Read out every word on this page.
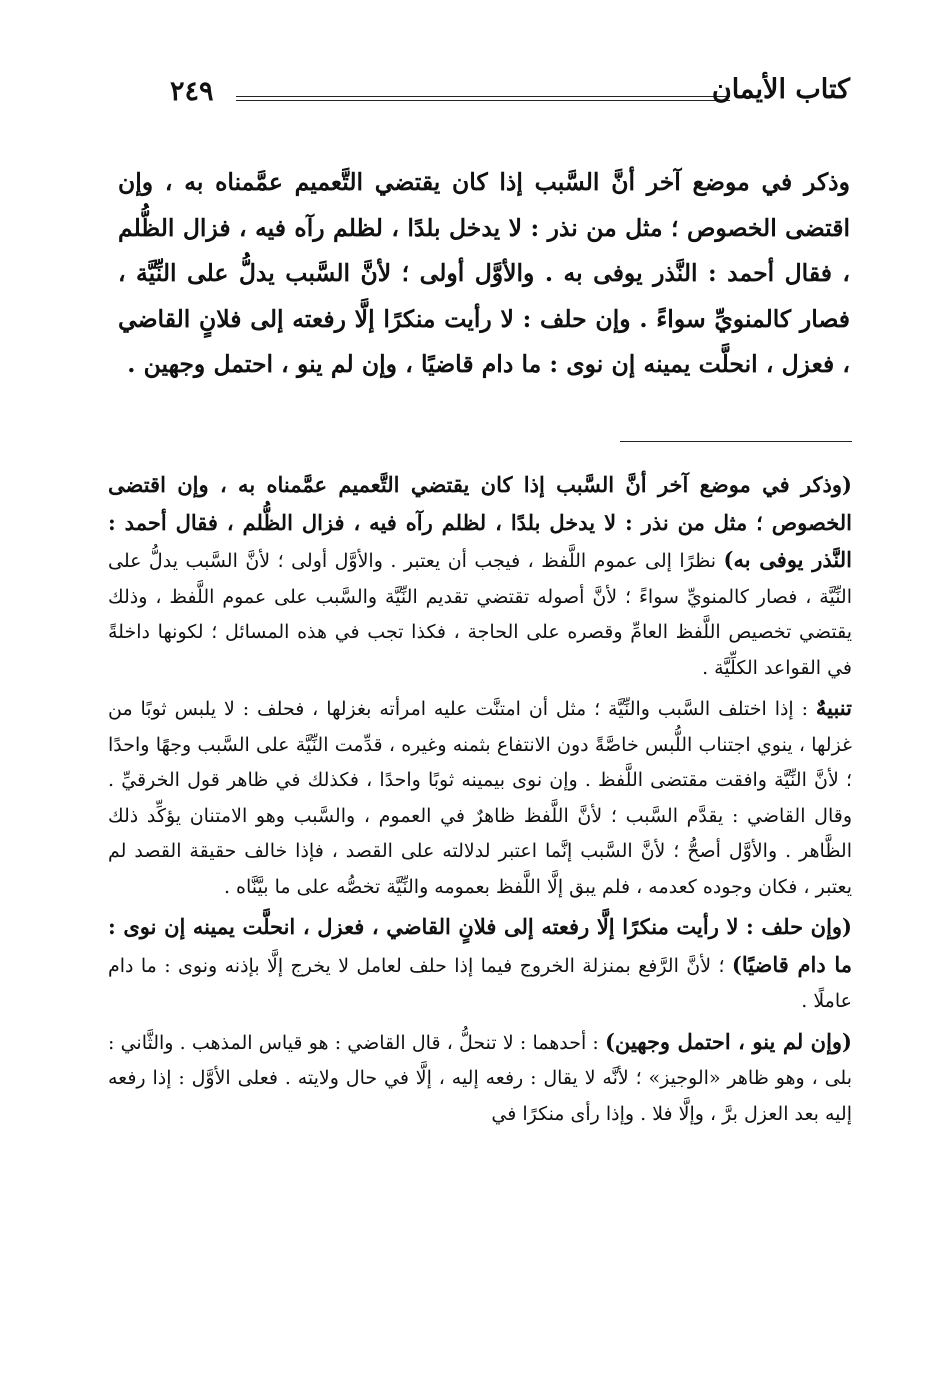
٢٤٩	كتاب الأيمان
وذكر في موضع آخر أنَّ السَّبب إذا كان يقتضي التَّعميم عمَّمناه به ، وإن اقتضى الخصوص ؛ مثل من نذر : لا يدخل بلدًا ، لظلم رآه فيه ، فزال الظُّلم ، فقال أحمد : النَّذر يوفى به . والأوَّل أولى ؛ لأنَّ السَّبب يدلُّ على النِّيَّة ، فصار كالمنويِّ سواءً . وإن حلف : لا رأيت منكرًا إلَّا رفعته إلى فلانٍ القاضي ، فعزل ، انحلَّت يمينه إن نوى : ما دام قاضيًا ، وإن لم ينو ، احتمل وجهين .

(وذكر في موضع آخر أنَّ السَّبب إذا كان يقتضي التَّعميم عمَّمناه به ، وإن اقتضى الخصوص ؛ مثل من نذر : لا يدخل بلدًا ، لظلم رآه فيه ، فزال الظُّلم ، فقال أحمد : النَّذر يوفى به) نظرًا إلى عموم اللَّفظ ، فيجب أن يعتبر . والأوَّل أولى ؛ لأنَّ السَّبب يدلُّ على النِّيَّة ، فصار كالمنويِّ سواءً ؛ لأنَّ أصوله تقتضي تقديم النِّيَّة والسَّبب على عموم اللَّفظ ، وذلك يقتضي تخصيص اللَّفظ العامِّ وقصره على الحاجة ، فكذا تجب في هذه المسائل ؛ لكونها داخلةً في القواعد الكلِّيَّة .

تنبيهٌ : إذا اختلف السَّبب والنِّيَّة ؛ مثل أن امتنَّت عليه امرأته بغزلها ، فحلف : لا يلبس ثوبًا من غزلها ، ينوي اجتناب اللُّبس خاصَّةً دون الانتفاع بثمنه وغيره ، قدِّمت النِّيَّة على السَّبب وجهًا واحدًا ؛ لأنَّ النِّيَّة وافقت مقتضى اللَّفظ . وإن نوى بيمينه ثوبًا واحدًا ، فكذلك في ظاهر قول الخرقيِّ . وقال القاضي : يقدَّم السَّبب ؛ لأنَّ اللَّفظ ظاهرٌ في العموم ، والسَّبب وهو الامتنان يؤكِّد ذلك الظَّاهر . والأوَّل أصحُّ ؛ لأنَّ السَّبب إنَّما اعتبر لدلالته على القصد ، فإذا خالف حقيقة القصد لم يعتبر ، فكان وجوده كعدمه ، فلم يبق إلَّا اللَّفظ بعمومه والنِّيَّة تخصُّه على ما بيَّنَّاه .

(وإن حلف : لا رأيت منكرًا إلَّا رفعته إلى فلانٍ القاضي ، فعزل ، انحلَّت يمينه إن نوى : ما دام قاضيًا) ؛ لأنَّ الرَّفع بمنزلة الخروج فيما إذا حلف لعامل لا يخرج إلَّا بإذنه ونوى : ما دام عاملًا .

(وإن لم ينو ، احتمل وجهين) : أحدهما : لا تنحلُّ ، قال القاضي : هو قياس المذهب . والثَّاني : بلى ، وهو ظاهر «الوجيز» ؛ لأنَّه لا يقال : رفعه إليه ، إلَّا في حال ولايته . فعلى الأوَّل : إذا رفعه إليه بعد العزل برَّ ، وإلَّا فلا . وإذا رأى منكرًا في
